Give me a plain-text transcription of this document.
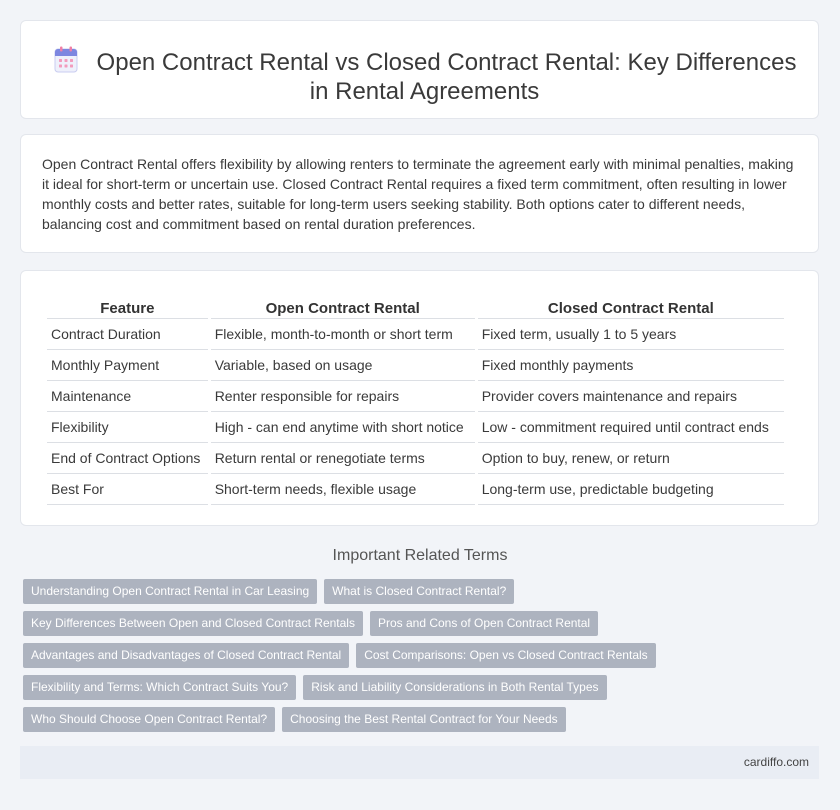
Open Contract Rental vs Closed Contract Rental: Key Differences in Rental Agreements

Open Contract Rental offers flexibility by allowing renters to terminate the agreement early with minimal penalties, making it ideal for short-term or uncertain use. Closed Contract Rental requires a fixed term commitment, often resulting in lower monthly costs and better rates, suitable for long-term users seeking stability. Both options cater to different needs, balancing cost and commitment based on rental duration preferences.

Feature	Open Contract Rental	Closed Contract Rental
Contract Duration	Flexible, month-to-month or short term	Fixed term, usually 1 to 5 years
Monthly Payment	Variable, based on usage	Fixed monthly payments
Maintenance	Renter responsible for repairs	Provider covers maintenance and repairs
Flexibility	High - can end anytime with short notice	Low - commitment required until contract ends
End of Contract Options	Return rental or renegotiate terms	Option to buy, renew, or return
Best For	Short-term needs, flexible usage	Long-term use, predictable budgeting
Important Related Terms
Understanding Open Contract Rental in Car Leasing	What is Closed Contract Rental?
Key Differences Between Open and Closed Contract Rentals	Pros and Cons of Open Contract Rental
Advantages and Disadvantages of Closed Contract Rental	Cost Comparisons: Open vs Closed Contract Rentals
Flexibility and Terms: Which Contract Suits You?	Risk and Liability Considerations in Both Rental Types
Who Should Choose Open Contract Rental?	Choosing the Best Rental Contract for Your Needs
cardiffo.com
